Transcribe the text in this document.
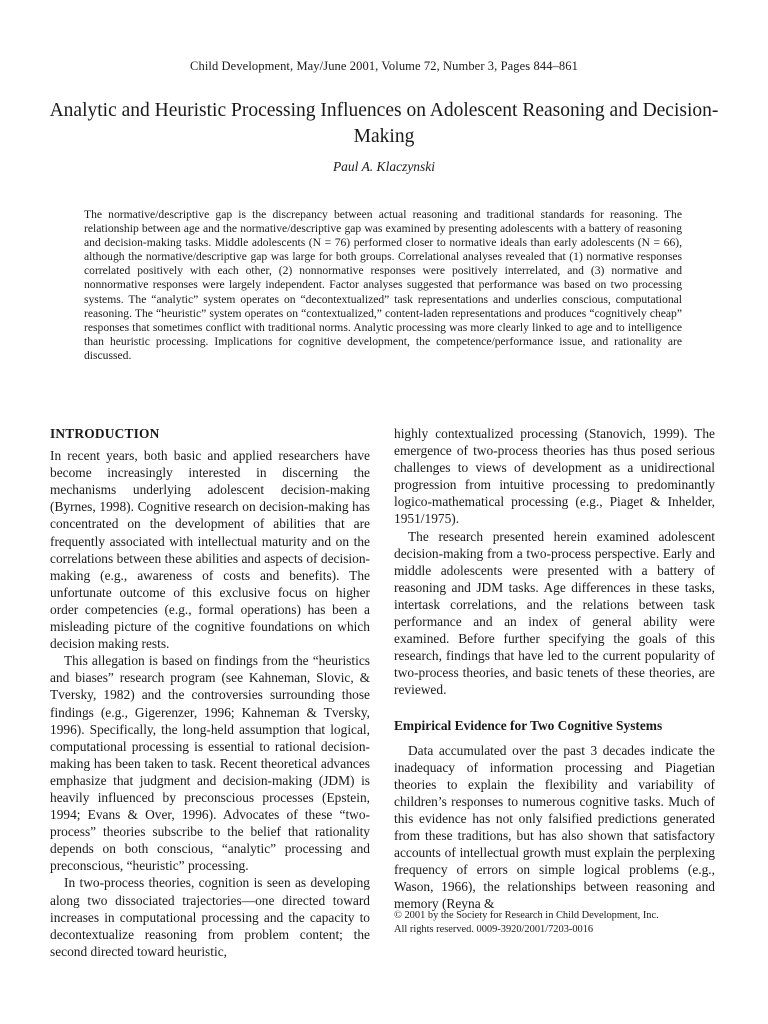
Child Development, May/June 2001, Volume 72, Number 3, Pages 844–861
Analytic and Heuristic Processing Influences on Adolescent Reasoning and Decision-Making
Paul A. Klaczynski
The normative/descriptive gap is the discrepancy between actual reasoning and traditional standards for reasoning. The relationship between age and the normative/descriptive gap was examined by presenting adolescents with a battery of reasoning and decision-making tasks. Middle adolescents (N = 76) performed closer to normative ideals than early adolescents (N = 66), although the normative/descriptive gap was large for both groups. Correlational analyses revealed that (1) normative responses correlated positively with each other, (2) nonnormative responses were positively interrelated, and (3) normative and nonnormative responses were largely independent. Factor analyses suggested that performance was based on two processing systems. The “analytic” system operates on “decontextualized” task representations and underlies conscious, computational reasoning. The “heuristic” system operates on “contextualized,” content-laden representations and produces “cognitively cheap” responses that sometimes conflict with traditional norms. Analytic processing was more clearly linked to age and to intelligence than heuristic processing. Implications for cognitive development, the competence/performance issue, and rationality are discussed.
INTRODUCTION

In recent years, both basic and applied researchers have become increasingly interested in discerning the mechanisms underlying adolescent decision-making (Byrnes, 1998). Cognitive research on decision-making has concentrated on the development of abilities that are frequently associated with intellectual maturity and on the correlations between these abilities and aspects of decision-making (e.g., awareness of costs and benefits). The unfortunate outcome of this exclusive focus on higher order competencies (e.g., formal operations) has been a misleading picture of the cognitive foundations on which decision making rests.

This allegation is based on findings from the “heuristics and biases” research program (see Kahneman, Slovic, & Tversky, 1982) and the controversies surrounding those findings (e.g., Gigerenzer, 1996; Kahneman & Tversky, 1996). Specifically, the long-held assumption that logical, computational processing is essential to rational decision-making has been taken to task. Recent theoretical advances emphasize that judgment and decision-making (JDM) is heavily influenced by preconscious processes (Epstein, 1994; Evans & Over, 1996). Advocates of these “two-process” theories subscribe to the belief that rationality depends on both conscious, “analytic” processing and preconscious, “heuristic” processing.

In two-process theories, cognition is seen as developing along two dissociated trajectories—one directed toward increases in computational processing and the capacity to decontextualize reasoning from problem content; the second directed toward heuristic,

highly contextualized processing (Stanovich, 1999). The emergence of two-process theories has thus posed serious challenges to views of development as a unidirectional progression from intuitive processing to predominantly logico-mathematical processing (e.g., Piaget & Inhelder, 1951/1975).

The research presented herein examined adolescent decision-making from a two-process perspective. Early and middle adolescents were presented with a battery of reasoning and JDM tasks. Age differences in these tasks, intertask correlations, and the relations between task performance and an index of general ability were examined. Before further specifying the goals of this research, findings that have led to the current popularity of two-process theories, and basic tenets of these theories, are reviewed.

Empirical Evidence for Two Cognitive Systems

Data accumulated over the past 3 decades indicate the inadequacy of information processing and Piagetian theories to explain the flexibility and variability of children’s responses to numerous cognitive tasks. Much of this evidence has not only falsified predictions generated from these traditions, but has also shown that satisfactory accounts of intellectual growth must explain the perplexing frequency of errors on simple logical problems (e.g., Wason, 1966), the relationships between reasoning and memory (Reyna &

© 2001 by the Society for Research in Child Development, Inc.
All rights reserved. 0009-3920/2001/7203-0016
